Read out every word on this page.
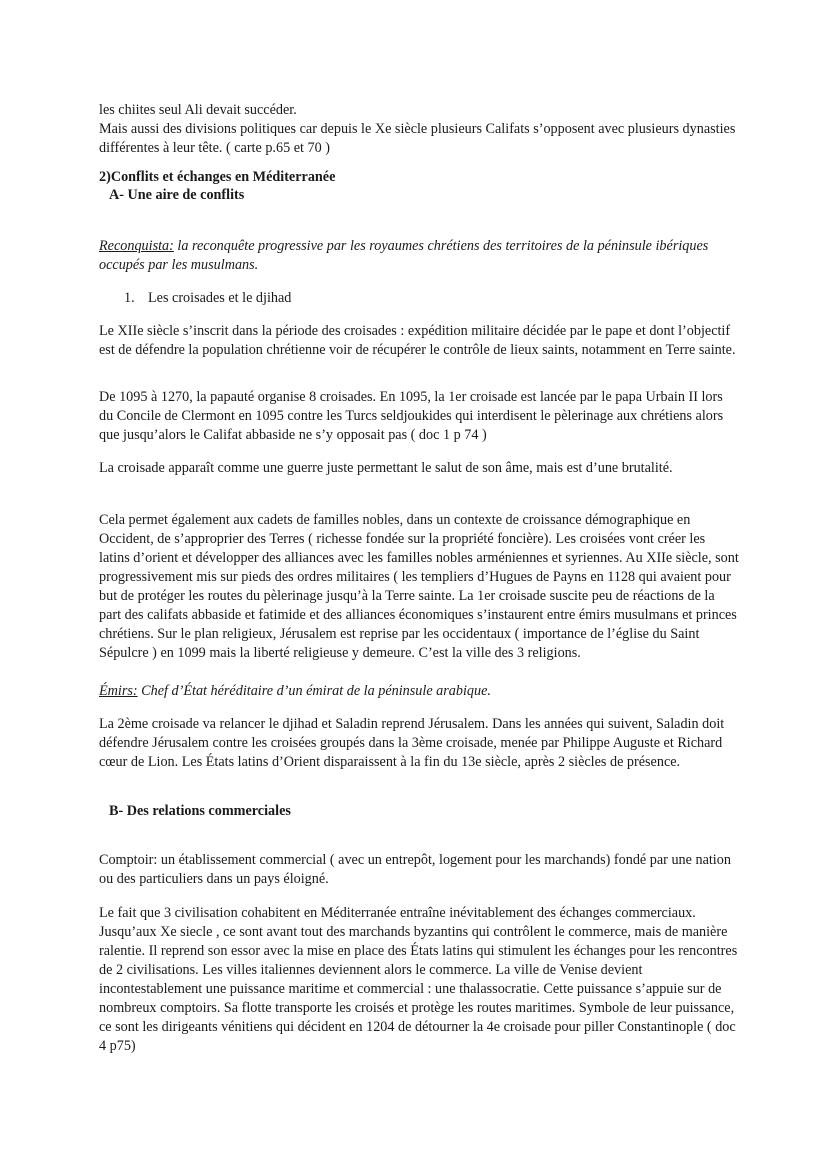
les chiites seul Ali devait succéder.
Mais aussi des divisions politiques car depuis le Xe siècle plusieurs Califats s’opposent avec plusieurs dynasties différentes à leur tête. ( carte p.65 et 70 )
2)Conflits et échanges en Méditerranée
A- Une aire de conflits
Reconquista: la reconquête progressive par les royaumes chrétiens des territoires de la péninsule ibériques occupés par les musulmans.
1. Les croisades et le djihad
Le XIIe siècle s’inscrit dans la période des croisades : expédition militaire décidée par le pape et dont l’objectif est de défendre la population chrétienne voir de récupérer le contrôle de lieux saints, notamment en Terre sainte.
De 1095 à 1270, la papauté organise 8 croisades. En 1095, la 1er croisade est lancée par le papa Urbain II lors du Concile de Clermont en 1095 contre les Turcs seldjoukides qui interdisent le pèlerinage aux chrétiens alors que jusqu’alors le Califat abbaside ne s’y opposait pas ( doc 1 p 74 )
La croisade apparaît comme une guerre juste permettant le salut de son âme, mais est d’une brutalité.
Cela permet également aux cadets de familles nobles, dans un contexte de croissance démographique en Occident, de s’approprier des Terres ( richesse fondée sur la propriété foncière). Les croisées vont créer les latins d’orient et développer des alliances avec les familles nobles arméniennes et syriennes. Au XIIe siècle, sont progressivement mis sur pieds des ordres militaires ( les templiers d’Hugues de Payns en 1128 qui avaient pour but de protéger les routes du pèlerinage jusqu’à la Terre sainte. La 1er croisade suscite peu de réactions de la part des califats abbaside et fatimide et des alliances économiques s’instaurent entre émirs musulmans et princes chrétiens. Sur le plan religieux, Jérusalem est reprise par les occidentaux ( importance de l’église du Saint Sépulcre ) en 1099 mais la liberté religieuse y demeure. C’est la ville des 3 religions.
Émirs: Chef d’État héréditaire d’un émirat de la péninsule arabique.
La 2ème croisade va relancer le djihad et Saladin reprend Jérusalem. Dans les années qui suivent, Saladin doit défendre Jérusalem contre les croisées groupés dans la 3ème croisade, menée par Philippe Auguste et Richard cœur de Lion. Les États latins d’Orient disparaissent à la fin du 13e siècle, après 2 siècles de présence.
B- Des relations commerciales
Comptoir: un établissement commercial ( avec un entrepôt, logement pour les marchands) fondé par une nation ou des particuliers dans un pays éloigné.
Le fait que 3 civilisation cohabitent en Méditerranée entraîne inévitablement des échanges commerciaux. Jusqu’aux Xe siecle , ce sont avant tout des marchands byzantins qui contrôlent le commerce, mais de manière ralentie. Il reprend son essor avec la mise en place des États latins qui stimulent les échanges pour les rencontres de 2 civilisations. Les villes italiennes deviennent alors le commerce. La ville de Venise devient incontestablement une puissance maritime et commercial : une thalassocratie. Cette puissance s’appuie sur de nombreux comptoirs. Sa flotte transporte les croisés et protège les routes maritimes. Symbole de leur puissance, ce sont les dirigeants vénitiens qui décident en 1204 de détourner la 4e croisade pour piller Constantinople ( doc 4 p75)
